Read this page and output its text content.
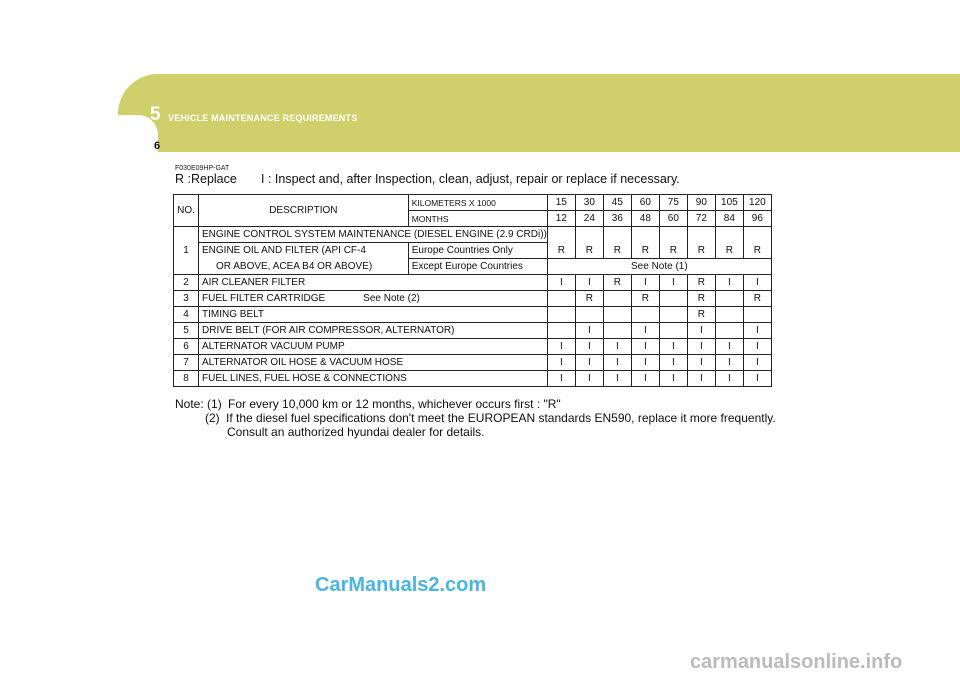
5 VEHICLE MAINTENANCE REQUIREMENTS
6
F030E09HP-GAT
R :Replace I : Inspect and, after Inspection, clean, adjust, repair or replace if necessary.
NO.	DESCRIPTION	KILOMETERS X 1000	15	30	45	60	75	90	105	120
		MONTHS	12	24	36	48	60	72	84	96
	ENGINE CONTROL SYSTEM MAINTENANCE (DIESEL ENGINE (2.9 CRDi))									
1	ENGINE OIL AND FILTER (API CF-4	Europe Countries Only	R	R	R	R	R	R	R	R
	OR ABOVE, ACEA B4 OR ABOVE)	Except Europe Countries	See Note (1)							
2	AIR CLEANER FILTER		I	I	R	I	I	R	I	I
3	FUEL FILTER CARTRIDGE See Note (2)			R		R		R		R
4	TIMING BELT							R		
5	DRIVE BELT (FOR AIR COMPRESSOR, ALTERNATOR)			I		I		I		I
6	ALTERNATOR VACUUM PUMP		I	I	I	I	I	I	I	I
7	ALTERNATOR OIL HOSE & VACUUM HOSE		I	I	I	I	I	I	I	I
8	FUEL LINES, FUEL HOSE & CONNECTIONS		I	I	I	I	I	I	I	I
Note: (1) For every 10,000 km or 12 months, whichever occurs first : "R"
(2) If the diesel fuel specifications don't meet the EUROPEAN standards EN590, replace it more frequently.
Consult an authorized hyundai dealer for details.
CarManuals2.com
carmanualsonline.info
